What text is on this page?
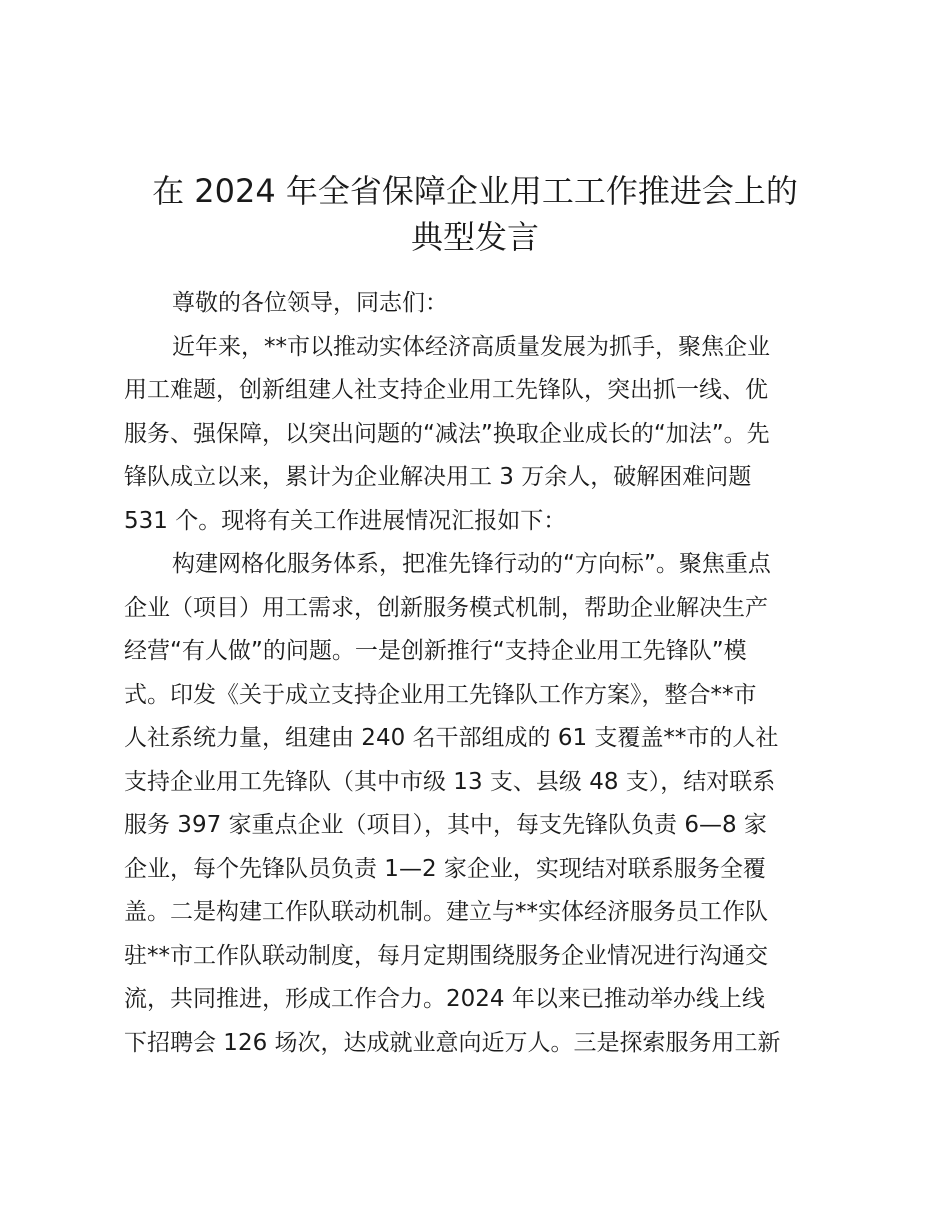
在 2024 年全省保障企业用工工作推进会上的
典型发言

尊敬的各位领导，同志们：

近年来，**市以推动实体经济高质量发展为抓手，聚焦企业

用工难题，创新组建人社支持企业用工先锋队，突出抓一线、优

服务、强保障，以突出问题的“减法”换取企业成长的“加法”。先

锋队成立以来，累计为企业解决用工 3 万余人，破解困难问题

531 个。现将有关工作进展情况汇报如下：

构建网格化服务体系，把准先锋行动的“方向标”。聚焦重点

企业（项目）用工需求，创新服务模式机制，帮助企业解决生产

经营“有人做”的问题。一是创新推行“支持企业用工先锋队”模

式。印发《关于成立支持企业用工先锋队工作方案》，整合**市

人社系统力量，组建由 240 名干部组成的 61 支覆盖**市的人社

支持企业用工先锋队（其中市级 13 支、县级 48 支），结对联系

服务 397 家重点企业（项目），其中，每支先锋队负责 6—8 家

企业，每个先锋队员负责 1—2 家企业，实现结对联系服务全覆

盖。二是构建工作队联动机制。建立与**实体经济服务员工作队

驻**市工作队联动制度，每月定期围绕服务企业情况进行沟通交

流，共同推进，形成工作合力。2024 年以来已推动举办线上线

下招聘会 126 场次，达成就业意向近万人。三是探索服务用工新
